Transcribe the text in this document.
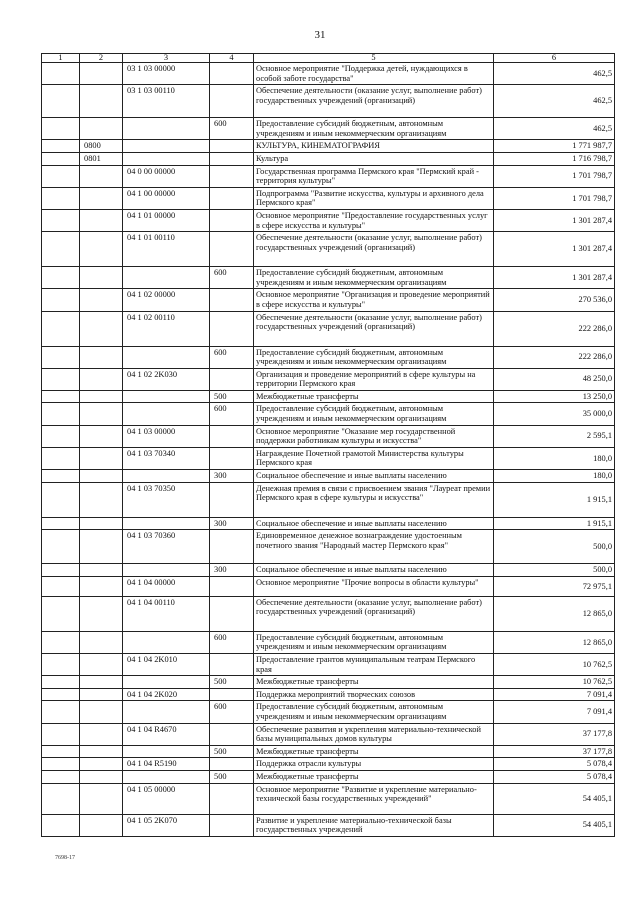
31
1	2	3	4	5	6
		03 1 03 00000		Основное мероприятие "Поддержка детей, нуждающихся в особой заботе государства"	462,5
		03 1 03 00110		Обеспечение деятельности (оказание услуг, выполнение работ) государственных учреждений (организаций)	462,5
			600	Предоставление субсидий бюджетным, автономным учреждениям и иным некоммерческим организациям	462,5
	0800			КУЛЬТУРА, КИНЕМАТОГРАФИЯ	1 771 987,7
	0801			Культура	1 716 798,7
		04 0 00 00000		Государственная программа Пермского края "Пермский край - территория культуры"	1 701 798,7
		04 1 00 00000		Подпрограмма "Развитие искусства, культуры и архивного дела Пермского края"	1 701 798,7
		04 1 01 00000		Основное мероприятие "Предоставление государственных услуг в сфере искусства и культуры"	1 301 287,4
		04 1 01 00110		Обеспечение деятельности (оказание услуг, выполнение работ) государственных учреждений (организаций)	1 301 287,4
			600	Предоставление субсидий бюджетным, автономным учреждениям и иным некоммерческим организациям	1 301 287,4
		04 1 02 00000		Основное мероприятие "Организация и проведение мероприятий в сфере искусства и культуры"	270 536,0
		04 1 02 00110		Обеспечение деятельности (оказание услуг, выполнение работ) государственных учреждений (организаций)	222 286,0
			600	Предоставление субсидий бюджетным, автономным учреждениям и иным некоммерческим организациям	222 286,0
		04 1 02 2K030		Организация и проведение мероприятий в сфере культуры на территории Пермского края	48 250,0
			500	Межбюджетные трансферты	13 250,0
			600	Предоставление субсидий бюджетным, автономным учреждениям и иным некоммерческим организациям	35 000,0
		04 1 03 00000		Основное мероприятие "Оказание мер государственной поддержки работникам культуры и искусства"	2 595,1
		04 1 03 70340		Награждение Почетной грамотой Министерства культуры Пермского края	180,0
			300	Социальное обеспечение и иные выплаты населению	180,0
		04 1 03 70350		Денежная премия в связи с присвоением звания "Лауреат премии Пермского края в сфере культуры и искусства"	1 915,1
			300	Социальное обеспечение и иные выплаты населению	1 915,1
		04 1 03 70360		Единовременное денежное вознаграждение удостоенным почетного звания "Народный мастер Пермского края"	500,0
			300	Социальное обеспечение и иные выплаты населению	500,0
		04 1 04 00000		Основное мероприятие "Прочие вопросы в области культуры"	72 975,1
		04 1 04 00110		Обеспечение деятельности (оказание услуг, выполнение работ) государственных учреждений (организаций)	12 865,0
			600	Предоставление субсидий бюджетным, автономным учреждениям и иным некоммерческим организациям	12 865,0
		04 1 04 2K010		Предоставление грантов муниципальным театрам Пермского края	10 762,5
			500	Межбюджетные трансферты	10 762,5
		04 1 04 2K020		Поддержка мероприятий творческих союзов	7 091,4
			600	Предоставление субсидий бюджетным, автономным учреждениям и иным некоммерческим организациям	7 091,4
		04 1 04 R4670		Обеспечение развития и укрепления материально-технической базы муниципальных домов культуры	37 177,8
			500	Межбюджетные трансферты	37 177,8
		04 1 04 R5190		Поддержка отрасли культуры	5 078,4
			500	Межбюджетные трансферты	5 078,4
		04 1 05 00000		Основное мероприятие "Развитие и укрепление материально-технической базы государственных учреждений"	54 405,1
		04 1 05 2K070		Развитие и укрепление материально-технической базы государственных учреждений	54 405,1
7698-17
